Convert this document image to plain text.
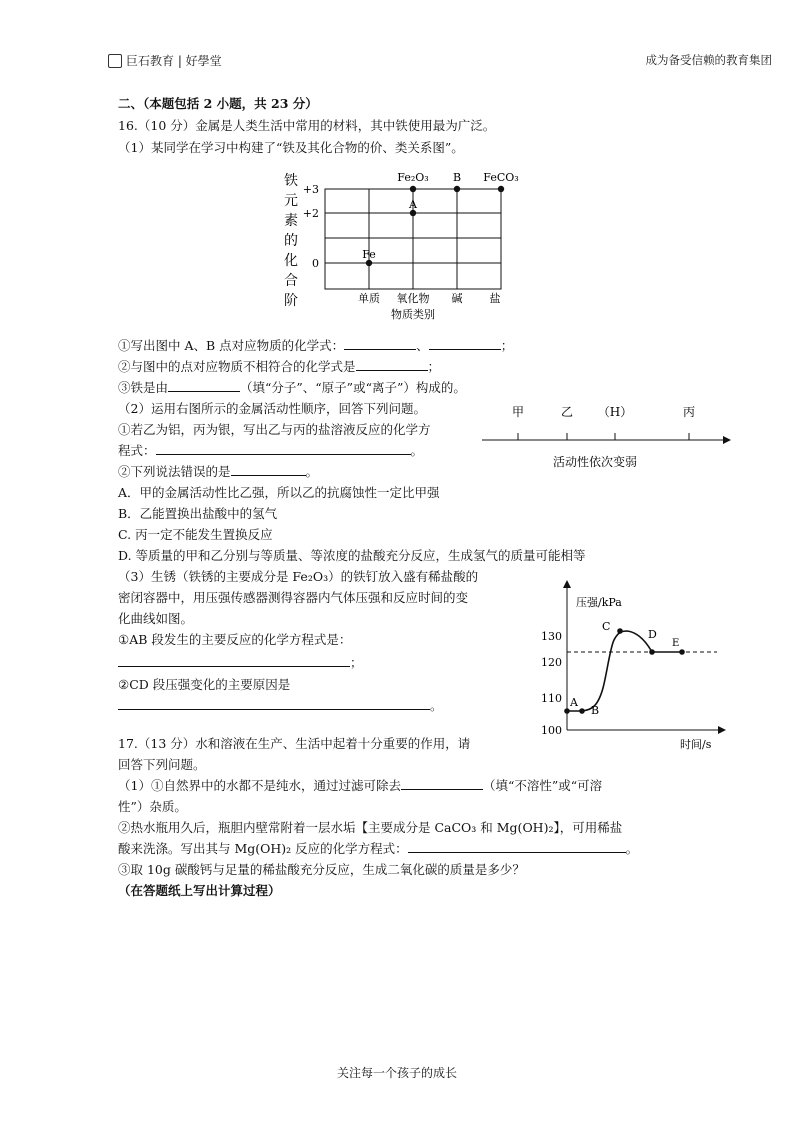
巨石教育 | 好學堂	成为备受信赖的教育集团
二、（本题包括 2 小题，共 23 分）
16.（10 分）金属是人类生活中常用的材料，其中铁使用最为广泛。
（1）某同学在学习中构建了“铁及其化合物的价、类关系图”。
铁
元
素
的
化
合
阶
+3
+2
0
Fe
A
Fe₂O₃ B FeCO₃
单质 氧化物 碱 盐
物质类别
①写出图中 A、B 点对应物质的化学式：	、	；
②与图中的点对应物质不相符合的化学式是	；
③铁是由	（填“分子”、“原子”或“离子”）构成的。
（2）运用右图所示的金属活动性顺序，回答下列问题。
①若乙为铝，丙为银，写出乙与丙的盐溶液反应的化学方
程式：	。
②下列说法错误的是	。
甲	乙 （H）	丙
活动性依次变弱
A．甲的金属活动性比乙强，所以乙的抗腐蚀性一定比甲强
B．乙能置换出盐酸中的氢气
C. 丙一定不能发生置换反应
D. 等质量的甲和乙分别与等质量、等浓度的盐酸充分反应，生成氢气的质量可能相等
（3）生锈（铁锈的主要成分是 Fe₂O₃）的铁钉放入盛有稀盐酸的
密闭容器中，用压强传感器测得容器内气体压强和反应时间的变
化曲线如图。
①AB 段发生的主要反应的化学方程式是：
；
②CD 段压强变化的主要原因是
。
压强/kPa
时间/s
130
120
110
100
A
B
C
D
E
17.（13 分）水和溶液在生产、生活中起着十分重要的作用，请
回答下列问题。
（1）①自然界中的水都不是纯水，通过过滤可除去	（填“不溶性”或“可溶
性”）杂质。
②热水瓶用久后，瓶胆内壁常附着一层水垢【主要成分是 CaCO₃ 和 Mg(OH)₂】，可用稀盐
酸来洗涤。写出其与 Mg(OH)₂ 反应的化学方程式：	。
③取 10g 碳酸钙与足量的稀盐酸充分反应，生成二氧化碳的质量是多少？
（在答题纸上写出计算过程）
关注每一个孩子的成长
